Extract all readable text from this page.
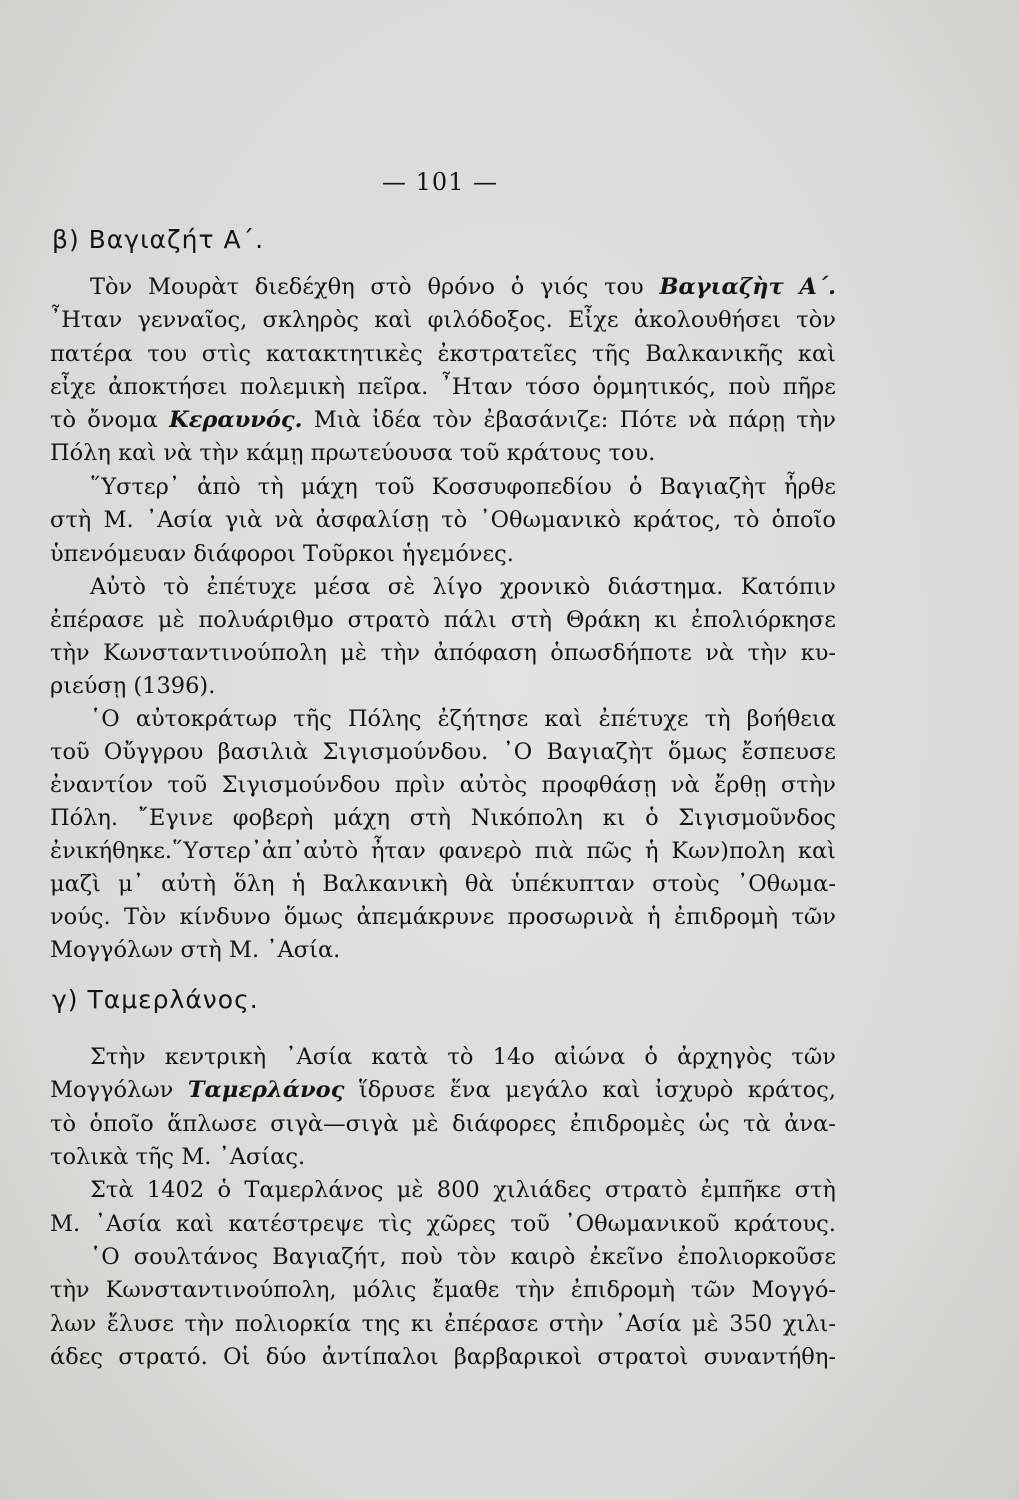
— 101 —
β) Βαγιαζήτ Α΄.
Τὸν Μουρὰτ διεδέχθη στὸ θρόνο ὁ γιός του Βαγιαζὴτ Α΄.
῏Ηταν γενναῖος, σκληρὸς καὶ φιλόδοξος. Εἶχε ἀκολουθήσει τὸν
πατέρα του στὶς κατακτητικὲς ἐκστρατεῖες τῆς Βαλκανικῆς καὶ
εἶχε ἀποκτήσει πολεμικὴ πεῖρα. ῏Ηταν τόσο ὁρμητικός, ποὺ πῆρε
τὸ ὄνομα Κεραυνός. Μιὰ ἰδέα τὸν ἐβασάνιζε: Πότε νὰ πάρῃ τὴν
Πόλη
καὶ
νὰ
τὴν
κάμῃ
πρωτεύουσα
τοῦ
κράτους
του.
῞Υστερ᾽ ἀπὸ τὴ μάχη τοῦ Κοσσυφοπεδίου ὁ Βαγιαζὴτ ἦρθε
στὴ Μ. ᾽Ασία γιὰ νὰ ἀσφαλίσῃ τὸ ᾽Οθωμανικὸ κράτος, τὸ ὁποῖο
ὑπενόμευαν
διάφοροι
Τοῦρκοι
ἡγεμόνες.
Αὐτὸ τὸ ἐπέτυχε μέσα σὲ λίγο χρονικὸ διάστημα. Κατόπιν
ἐπέρασε μὲ πολυάριθμο στρατὸ πάλι στὴ Θράκη κι ἐπολιόρκησε
τὴν Κωνσταντινούπολη μὲ τὴν ἀπόφαση ὁπωσδήποτε νὰ τὴν κυ-
ριεύσῃ
(1396).
῾Ο αὐτοκράτωρ τῆς Πόλης ἐζήτησε καὶ ἐπέτυχε τὴ βοήθεια
τοῦ Οὔγγρου βασιλιὰ Σιγισμούνδου. ᾽Ο Βαγιαζὴτ ὅμως ἔσπευσε
ἐναντίον τοῦ Σιγισμούνδου πρὶν αὐτὸς προφθάσῃ νὰ ἔρθῃ στὴν
Πόλη. ῎Εγινε φοβερὴ μάχη στὴ Νικόπολη κι ὁ Σιγισμοῦνδος
ἐνικήθηκε.῞Υστερ᾽ἀπ᾽αὐτὸ ἦταν φανερὸ πιὰ πῶς ἡ Κων)πολη καὶ
μαζὶ μ᾽ αὐτὴ ὅλη ἡ Βαλκανικὴ θὰ ὑπέκυπταν στοὺς ᾽Οθωμα-
νούς. Τὸν κίνδυνο ὅμως ἀπεμάκρυνε προσωρινὰ ἡ ἐπιδρομὴ τῶν
Μογγόλων
στὴ
Μ.
᾽Ασία.
Στὴν κεντρικὴ ᾽Ασία κατὰ τὸ 14ο αἰώνα ὁ ἀρχηγὸς τῶν
Μογγόλων Ταμερλάνος ἵδρυσε ἕνα μεγάλο καὶ ἰσχυρὸ κράτος,
τὸ ὁποῖο ἅπλωσε σιγὰ—σιγὰ μὲ διάφορες ἐπιδρομὲς ὡς τὰ ἀνα-
τολικὰ
τῆς
Μ.
᾽Ασίας.
Στὰ 1402 ὁ Ταμερλάνος μὲ 800 χιλιάδες στρατὸ ἐμπῆκε στὴ
Μ. ᾽Ασία καὶ κατέστρεψε τὶς χῶρες τοῦ ᾽Οθωμανικοῦ κράτους.
῾Ο σουλτάνος Βαγιαζήτ, ποὺ τὸν καιρὸ ἐκεῖνο ἐπολιορκοῦσε
τὴν Κωνσταντινούπολη, μόλις ἔμαθε τὴν ἐπιδρομὴ τῶν Μογγό-
λων ἔλυσε τὴν πολιορκία της κι ἐπέρασε στὴν ᾽Ασία μὲ 350 χιλι-
άδες στρατό. Οἱ δύο ἀντίπαλοι βαρβαρικοὶ στρατοὶ συναντήθη-
γ) Ταμερλάνος.
